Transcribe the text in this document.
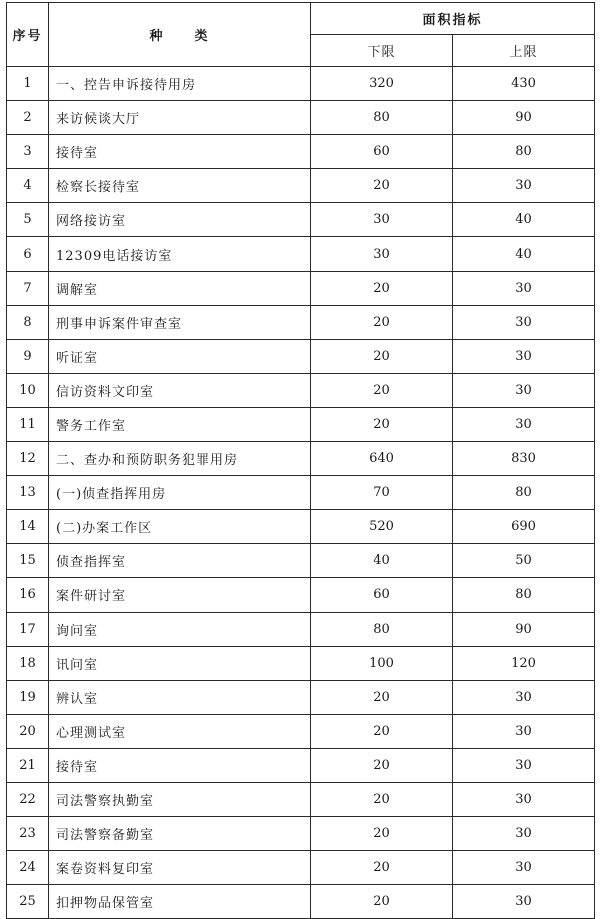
序号	种　　类	面积指标	
		下限	上限
1	一、控告申诉接待用房	320	430
2	来访候谈大厅	80	90
3	接待室	60	80
4	检察长接待室	20	30
5	网络接访室	30	40
6	12309电话接访室	30	40
7	调解室	20	30
8	刑事申诉案件审查室	20	30
9	听证室	20	30
10	信访资料文印室	20	30
11	警务工作室	20	30
12	二、查办和预防职务犯罪用房	640	830
13	(一)侦查指挥用房	70	80
14	(二)办案工作区	520	690
15	侦查指挥室	40	50
16	案件研讨室	60	80
17	询问室	80	90
18	讯问室	100	120
19	辨认室	20	30
20	心理测试室	20	30
21	接待室	20	30
22	司法警察执勤室	20	30
23	司法警察备勤室	20	30
24	案卷资料复印室	20	30
25	扣押物品保管室	20	30
